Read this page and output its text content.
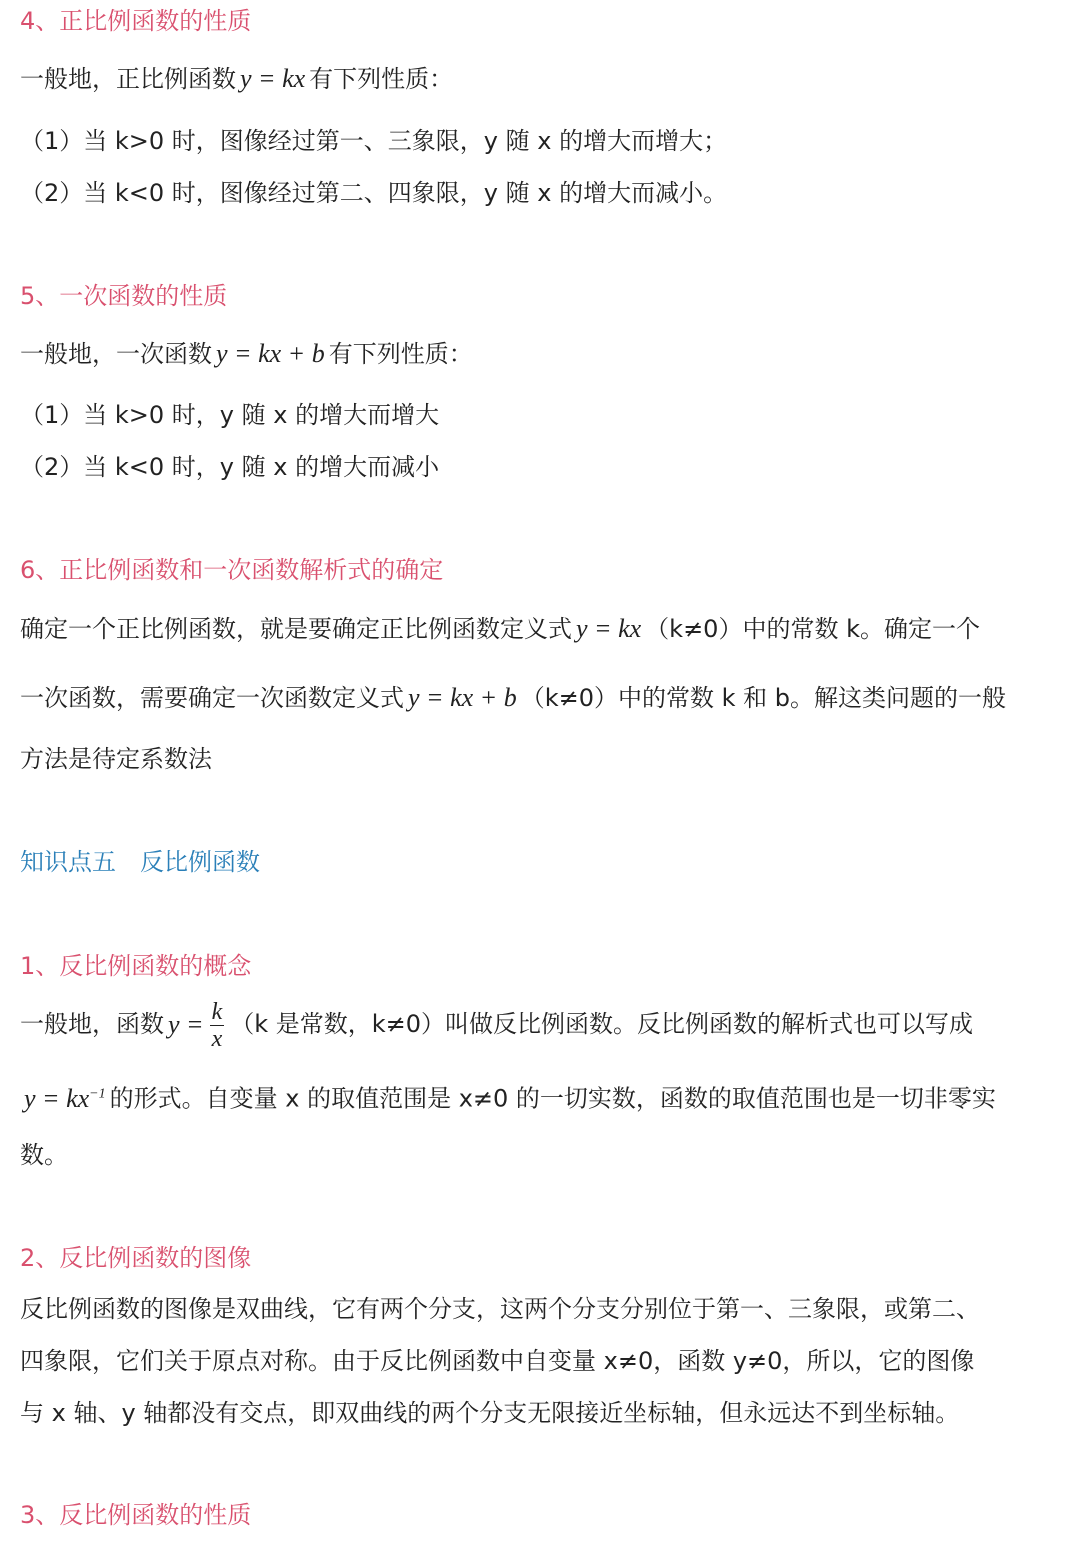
4、正比例函数的性质
一般地，正比例函数 y = kx 有下列性质：
（1）当 k>0 时，图像经过第一、三象限，y 随 x 的增大而增大；
（2）当 k<0 时，图像经过第二、四象限，y 随 x 的增大而减小。
5、一次函数的性质
一般地，一次函数 y = kx + b 有下列性质：
（1）当 k>0 时，y 随 x 的增大而增大
（2）当 k<0 时，y 随 x 的增大而减小
6、正比例函数和一次函数解析式的确定
确定一个正比例函数，就是要确定正比例函数定义式 y = kx （k≠0）中的常数 k。确定一个
一次函数，需要确定一次函数定义式 y = kx + b （k≠0）中的常数 k 和 b。解这类问题的一般
方法是待定系数法
知识点五　反比例函数
1、反比例函数的概念
一般地，函数 $y = \frac{k}{x} (k$ 是常数，k≠0）叫做反比例函数。反比例函数的解析式也可以写成
$y = kx^{-1}$ 的形式。自变量 x 的取值范围是 x≠0 的一切实数，函数的取值范围也是一切非零实
数。
2、反比例函数的图像
反比例函数的图像是双曲线，它有两个分支，这两个分支分别位于第一、三象限，或第二、
四象限，它们关于原点对称。由于反比例函数中自变量 x≠0，函数 y≠0，所以，它的图像
与 x 轴、y 轴都没有交点，即双曲线的两个分支无限接近坐标轴，但永远达不到坐标轴。
3、反比例函数的性质
